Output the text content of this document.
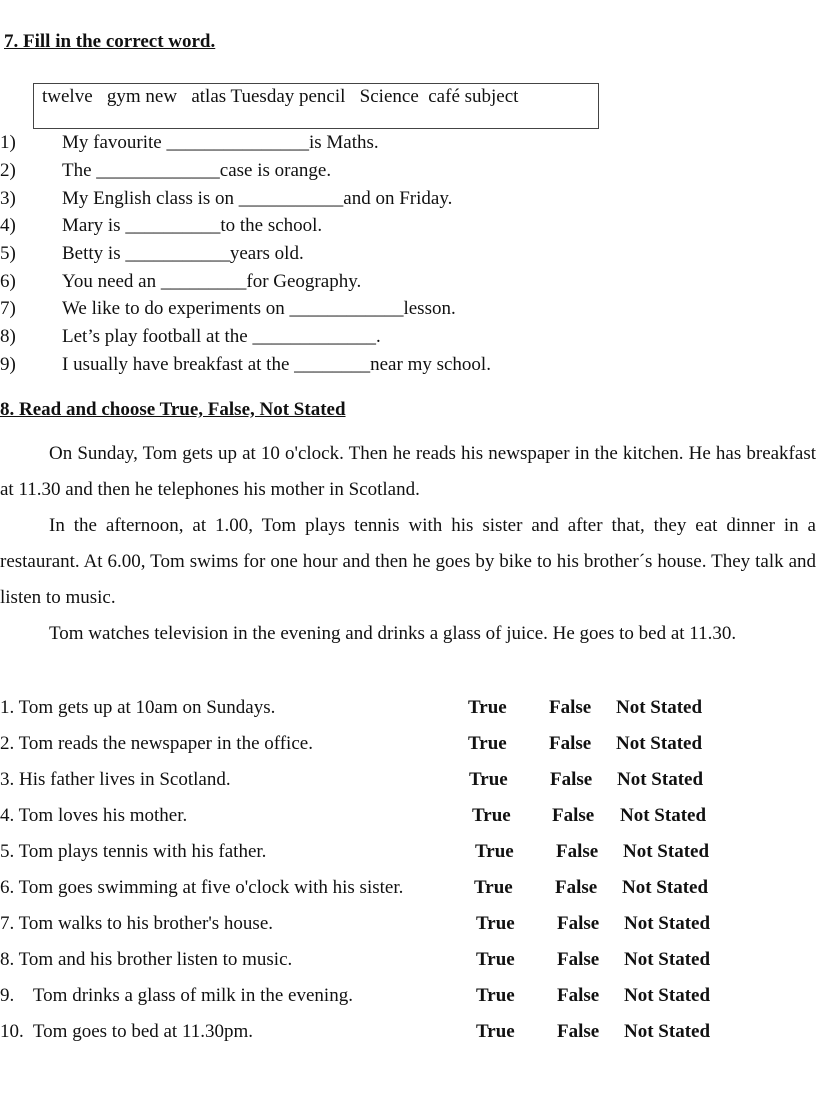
7. Fill in the correct word.
twelve   gym new   atlas Tuesday pencil   Science  café subject
1) My favourite _______________is Maths.
2) The _____________case is orange.
3) My English class is on ___________and on Friday.
4) Mary is __________to the school.
5) Betty is ___________years old.
6) You need an _________for Geography.
7) We like to do experiments on ____________lesson.
8) Let’s play football at the _____________.
9) I usually have breakfast at the ________near my school.
8. Read and choose True, False, Not Stated

On Sunday, Tom gets up at 10 o'clock. Then he reads his newspaper in the kitchen. He has breakfast at 11.30 and then he telephones his mother in Scotland.

In the afternoon, at 1.00, Tom plays tennis with his sister and after that, they eat dinner in a restaurant. At 6.00, Tom swims for one hour and then he goes by bike to his brother´s house. They talk and listen to music.

Tom watches television in the evening and drinks a glass of juice. He goes to bed at 11.30.

1. Tom gets up at 10am on Sundays.	True False Not Stated
2. Tom reads the newspaper in the office.	True False Not Stated
3. His father lives in Scotland.	True False Not Stated
4. Tom loves his mother.	True False Not Stated
5. Tom plays tennis with his father.	True False Not Stated
6. Tom goes swimming at five o'clock with his sister.	True False Not Stated
7. Tom walks to his brother's house.	True False Not Stated
8. Tom and his brother listen to music.	True False Not Stated
9.    Tom drinks a glass of milk in the evening.	True False Not Stated
10.  Tom goes to bed at 11.30pm.	True False Not Stated
